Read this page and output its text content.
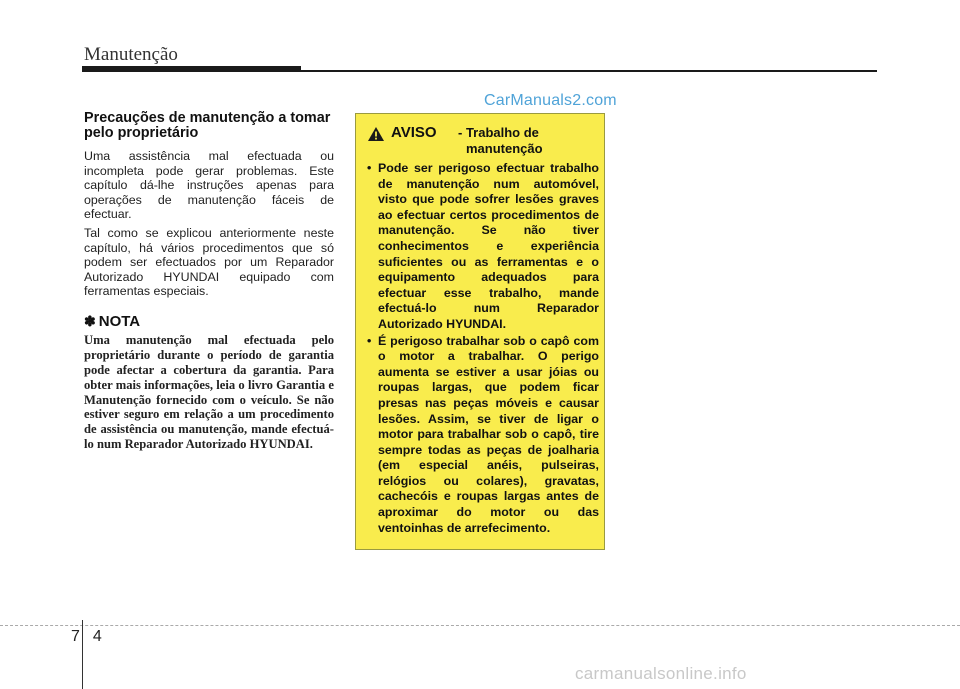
Manutenção
CarManuals2.com
Precauções de manutenção a tomar pelo proprietário

Uma assistência mal efectuada ou incompleta pode gerar problemas. Este capítulo dá-lhe instruções apenas para operações de manutenção fáceis de efectuar.

Tal como se explicou anteriormente neste capítulo, há vários procedimentos que só podem ser efectuados por um Reparador Autorizado HYUNDAI equipado com ferramentas especiais.

✽ NOTA
Uma manutenção mal efectuada pelo proprietário durante o período de garantia pode afectar a cobertura da garantia. Para obter mais informações, leia o livro Garantia e Manutenção fornecido com o veículo. Se não estiver seguro em relação a um procedimento de assistência ou manutenção, mande efectuá-lo num Reparador Autorizado HYUNDAI.
AVISO - Trabalho de
manutenção
• Pode ser perigoso efectuar trabalho de manutenção num automóvel, visto que pode sofrer lesões graves ao efectuar certos procedimentos de manutenção. Se não tiver conhecimentos e experiência suficientes ou as ferramentas e o equipamento adequados para efectuar esse trabalho, mande efectuá-lo num Reparador Autorizado HYUNDAI.
• É perigoso trabalhar sob o capô com o motor a trabalhar. O perigo aumenta se estiver a usar jóias ou roupas largas, que podem ficar presas nas peças móveis e causar lesões. Assim, se tiver de ligar o motor para trabalhar sob o capô, tire sempre todas as peças de joalharia (em especial anéis, pulseiras, relógios ou colares), gravatas, cachecóis e roupas largas antes de aproximar do motor ou das ventoinhas de arrefecimento.
74
carmanualsonline.info
